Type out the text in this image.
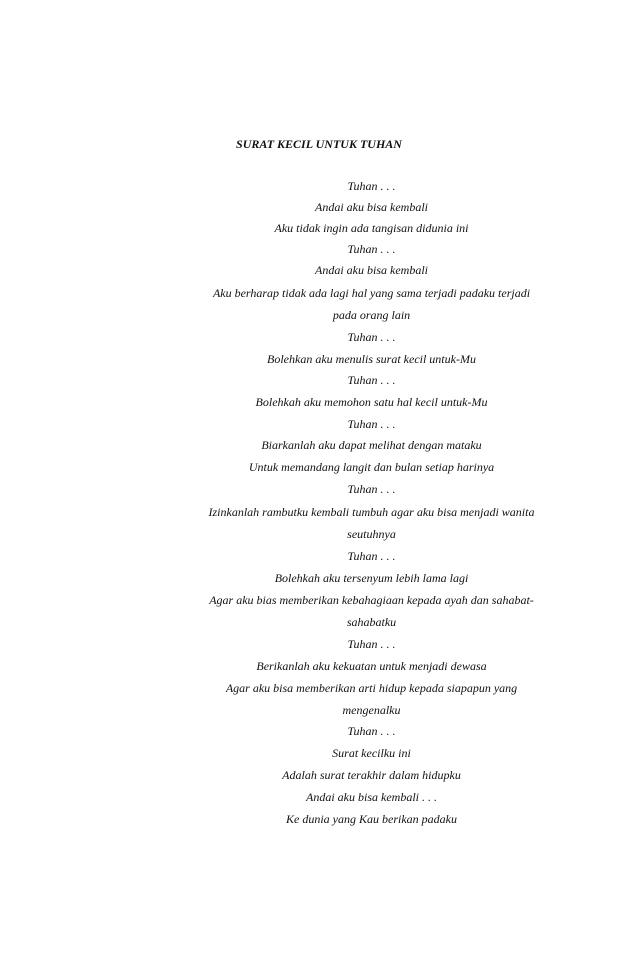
SURAT KECIL UNTUK TUHAN
Tuhan . . .
Andai aku bisa kembali
Aku tidak ingin ada tangisan didunia ini
Tuhan . . .
Andai aku bisa kembali
Aku berharap tidak ada lagi hal yang sama terjadi padaku terjadi
pada orang lain
Tuhan . . .
Bolehkan aku menulis surat kecil untuk-Mu
Tuhan . . .
Bolehkah aku memohon satu hal kecil untuk-Mu
Tuhan . . .
Biarkanlah aku dapat melihat dengan mataku
Untuk memandang langit dan bulan setiap harinya
Tuhan . . .
Izinkanlah rambutku kembali tumbuh agar aku bisa menjadi wanita
seutuhnya
Tuhan . . .
Bolehkah aku tersenyum lebih lama lagi
Agar aku bias memberikan kebahagiaan kepada ayah dan sahabat-
sahabatku
Tuhan . . .
Berikanlah aku kekuatan untuk menjadi dewasa
Agar aku bisa memberikan arti hidup kepada siapapun yang
mengenalku
Tuhan . . .
Surat kecilku ini
Adalah surat terakhir dalam hidupku
Andai aku bisa kembali . . .
Ke dunia yang Kau berikan padaku
